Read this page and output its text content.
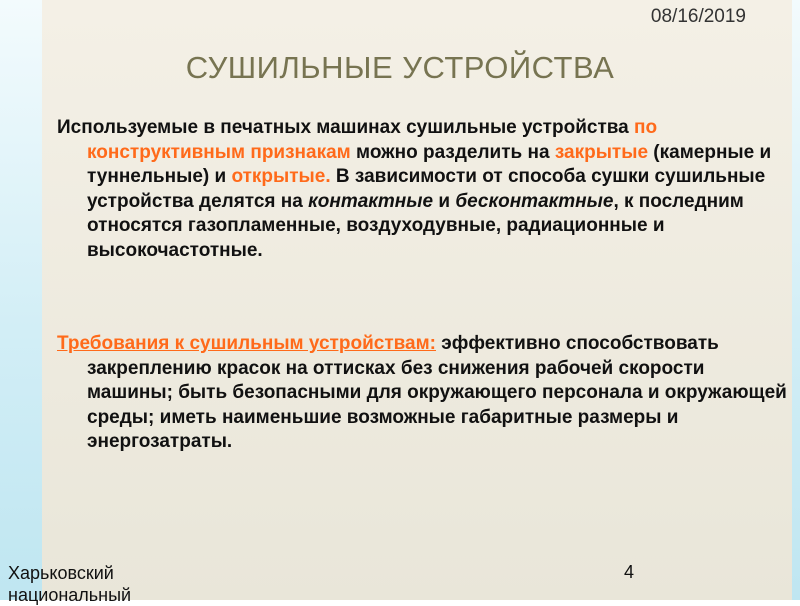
08/16/2019
СУШИЛЬНЫЕ УСТРОЙСТВА
Используемые в печатных машинах сушильные устройства по конструктивным признакам можно разделить на закрытые (камерные и туннельные) и открытые. В зависимости от способа сушки сушильные устройства делятся на контактные и бесконтактные, к последним относятся газопламенные, воздуходувные, радиационные и высокочастотные.
Требования к сушильным устройствам: эффективно способствовать закреплению красок на оттисках без снижения рабочей скорости машины; быть безопасными для окружающего персонала и окружающей среды; иметь наименьшие возможные габаритные размеры и энергозатраты.
Харьковский
национальный
4
